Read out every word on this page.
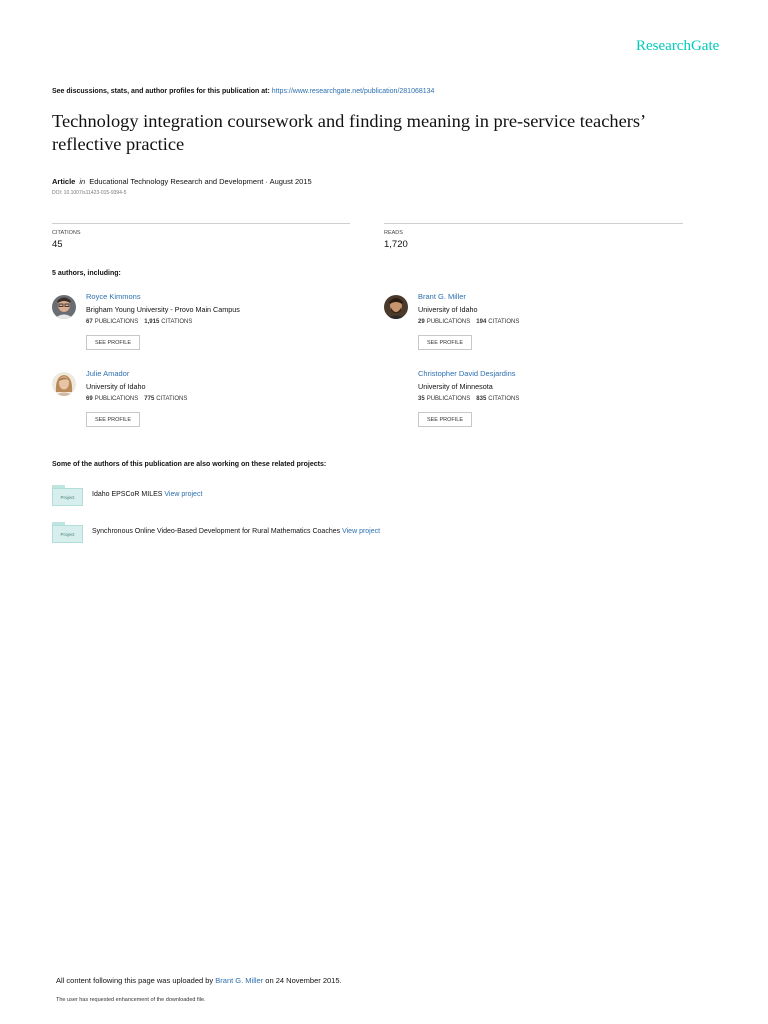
ResearchGate
See discussions, stats, and author profiles for this publication at: https://www.researchgate.net/publication/281068134
Technology integration coursework and finding meaning in pre-service teachers’ reflective practice
Article in Educational Technology Research and Development · August 2015
DOI: 10.1007/s11423-015-9394-5
CITATIONS
45
READS
1,720
5 authors, including:
Royce Kimmons
Brigham Young University - Provo Main Campus
67 PUBLICATIONS 1,915 CITATIONS
SEE PROFILE
Brant G. Miller
University of Idaho
29 PUBLICATIONS 194 CITATIONS
SEE PROFILE
Julie Amador
University of Idaho
69 PUBLICATIONS 775 CITATIONS
SEE PROFILE
Christopher David Desjardins
University of Minnesota
35 PUBLICATIONS 835 CITATIONS
SEE PROFILE
Some of the authors of this publication are also working on these related projects:
Project	Idaho EPSCoR MILES View project
Project	Synchronous Online Video-Based Development for Rural Mathematics Coaches View project
All content following this page was uploaded by Brant G. Miller on 24 November 2015.
The user has requested enhancement of the downloaded file.
